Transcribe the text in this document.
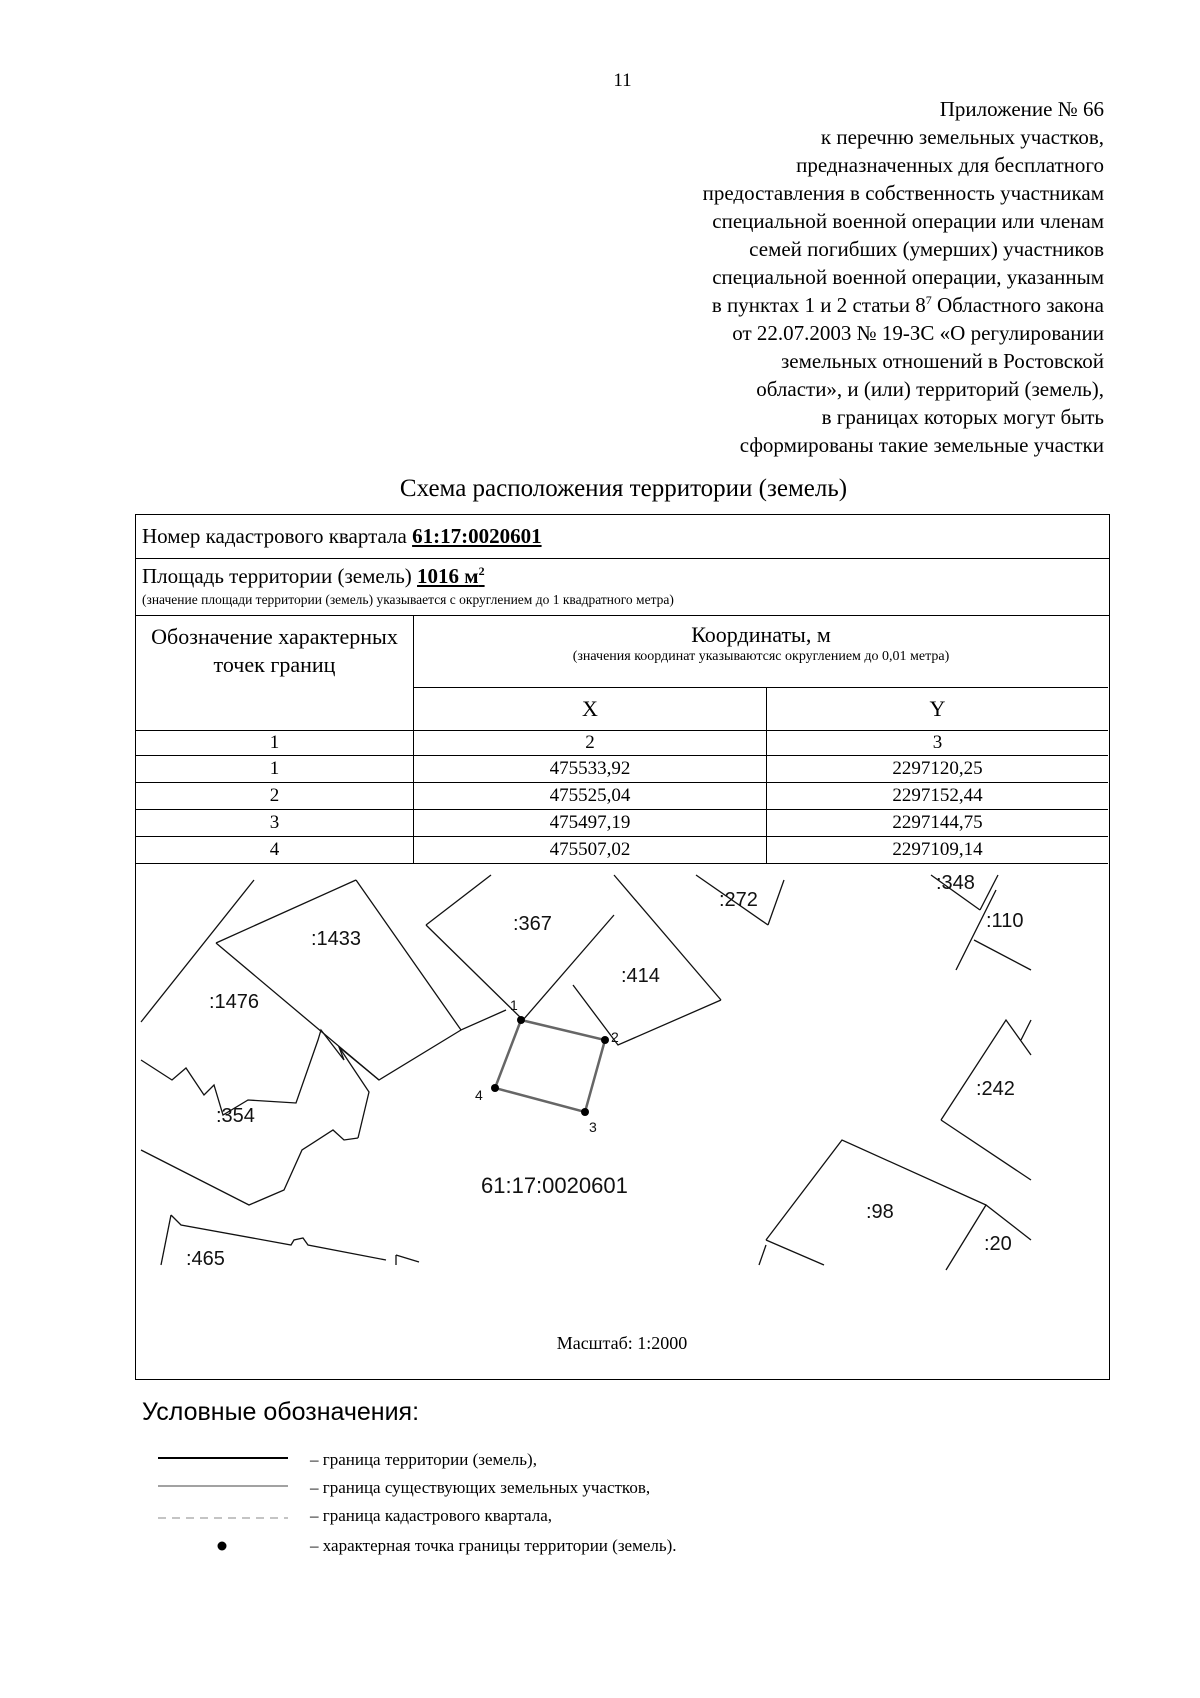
11
Приложение № 66
к перечню земельных участков,
предназначенных для бесплатного
предоставления в собственность участникам
специальной военной операции или членам
семей погибших (умерших) участников
специальной военной операции, указанным
в пунктах 1 и 2 статьи $8^7$ Областного закона
от 22.07.2003 № 19-ЗС «О регулировании
земельных отношений в Ростовской
области», и (или) территорий (земель),
в границах которых могут быть
сформированы такие земельные участки
Схема расположения территории (земель)
Номер кадастрового квартала 61:17:0020601
Площадь территории (земель) 1016 $м^2$
(значение площади территории (земель) указывается с округлением до 1 квадратного метра)
Обозначение характерных точек границ	Координаты, м
(значения координат указываютсяс округлением до 0,01 метра)	

	X	Y
1	2	3
1	475533,92	2297120,25
2	475525,04	2297152,44
3	475497,19	2297144,75
4	475507,02	2297109,14
1
2
3
4
:1433
:1476
:354
:465
:367
:414
:272
:348
:110
:242
:98
:20
61:17:0020601
Масштаб: 1:2000
Условные обозначения:
– граница территории (земель),
– граница существующих земельных участков,
– граница кадастрового квартала,
– характерная точка границы территории (земель).
